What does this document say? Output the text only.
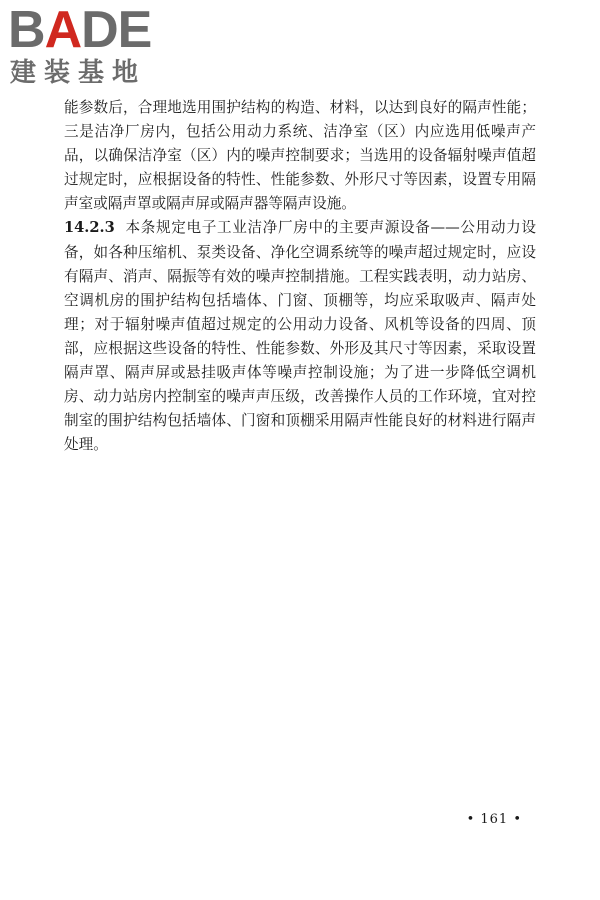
BADE
建装基地

能参数后，合理地选用围护结构的构造、材料，以达到良好的隔声性能；三是洁净厂房内，包括公用动力系统、洁净室（区）内应选用低噪声产品，以确保洁净室（区）内的噪声控制要求；当选用的设备辐射噪声值超过规定时，应根据设备的特性、性能参数、外形尺寸等因素，设置专用隔声室或隔声罩或隔声屏或隔声器等隔声设施。

14.2.3 本条规定电子工业洁净厂房中的主要声源设备——公用动力设备，如各种压缩机、泵类设备、净化空调系统等的噪声超过规定时，应设有隔声、消声、隔振等有效的噪声控制措施。工程实践表明，动力站房、空调机房的围护结构包括墙体、门窗、顶棚等，均应采取吸声、隔声处理；对于辐射噪声值超过规定的公用动力设备、风机等设备的四周、顶部，应根据这些设备的特性、性能参数、外形及其尺寸等因素，采取设置隔声罩、隔声屏或悬挂吸声体等噪声控制设施；为了进一步降低空调机房、动力站房内控制室的噪声声压级，改善操作人员的工作环境，宜对控制室的围护结构包括墙体、门窗和顶棚采用隔声性能良好的材料进行隔声处理。

• 161 •
